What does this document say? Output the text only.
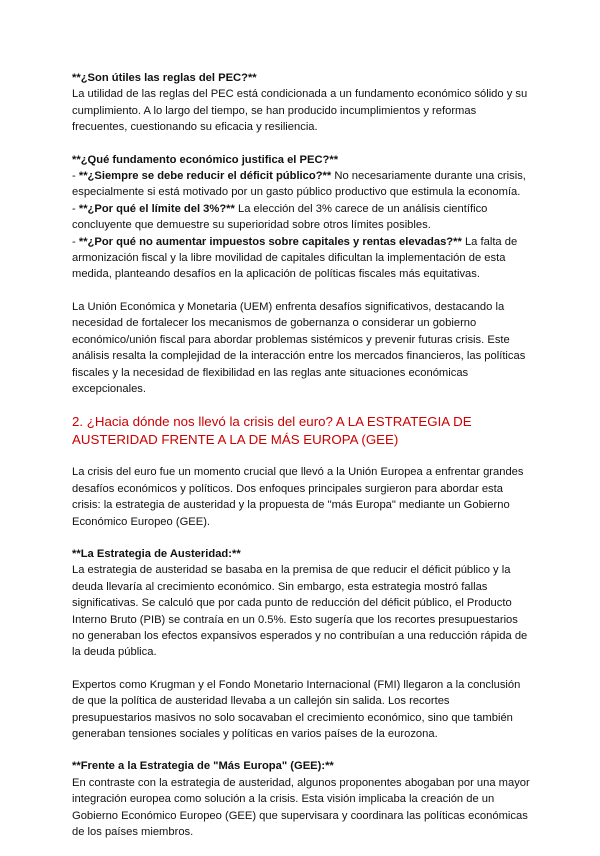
**¿Son útiles las reglas del PEC?**

La utilidad de las reglas del PEC está condicionada a un fundamento económico sólido y su cumplimiento. A lo largo del tiempo, se han producido incumplimientos y reformas frecuentes, cuestionando su eficacia y resiliencia.

**¿Qué fundamento económico justifica el PEC?**

- **¿Siempre se debe reducir el déficit público?** No necesariamente durante una crisis, especialmente si está motivado por un gasto público productivo que estimula la economía.

- **¿Por qué el límite del 3%?** La elección del 3% carece de un análisis científico concluyente que demuestre su superioridad sobre otros límites posibles.

- **¿Por qué no aumentar impuestos sobre capitales y rentas elevadas?** La falta de armonización fiscal y la libre movilidad de capitales dificultan la implementación de esta medida, planteando desafíos en la aplicación de políticas fiscales más equitativas.

La Unión Económica y Monetaria (UEM) enfrenta desafíos significativos, destacando la necesidad de fortalecer los mecanismos de gobernanza o considerar un gobierno económico/unión fiscal para abordar problemas sistémicos y prevenir futuras crisis. Este análisis resalta la complejidad de la interacción entre los mercados financieros, las políticas fiscales y la necesidad de flexibilidad en las reglas ante situaciones económicas excepcionales.

2. ¿Hacia dónde nos llevó la crisis del euro? A LA ESTRATEGIA DE AUSTERIDAD FRENTE A LA DE MÁS EUROPA (GEE)

La crisis del euro fue un momento crucial que llevó a la Unión Europea a enfrentar grandes desafíos económicos y políticos. Dos enfoques principales surgieron para abordar esta crisis: la estrategia de austeridad y la propuesta de "más Europa" mediante un Gobierno Económico Europeo (GEE).

**La Estrategia de Austeridad:**

La estrategia de austeridad se basaba en la premisa de que reducir el déficit público y la deuda llevaría al crecimiento económico. Sin embargo, esta estrategia mostró fallas significativas. Se calculó que por cada punto de reducción del déficit público, el Producto Interno Bruto (PIB) se contraía en un 0.5%. Esto sugería que los recortes presupuestarios no generaban los efectos expansivos esperados y no contribuían a una reducción rápida de la deuda pública.

Expertos como Krugman y el Fondo Monetario Internacional (FMI) llegaron a la conclusión de que la política de austeridad llevaba a un callejón sin salida. Los recortes presupuestarios masivos no solo socavaban el crecimiento económico, sino que también generaban tensiones sociales y políticas en varios países de la eurozona.

**Frente a la Estrategia de "Más Europa" (GEE):**

En contraste con la estrategia de austeridad, algunos proponentes abogaban por una mayor integración europea como solución a la crisis. Esta visión implicaba la creación de un Gobierno Económico Europeo (GEE) que supervisara y coordinara las políticas económicas de los países miembros.
